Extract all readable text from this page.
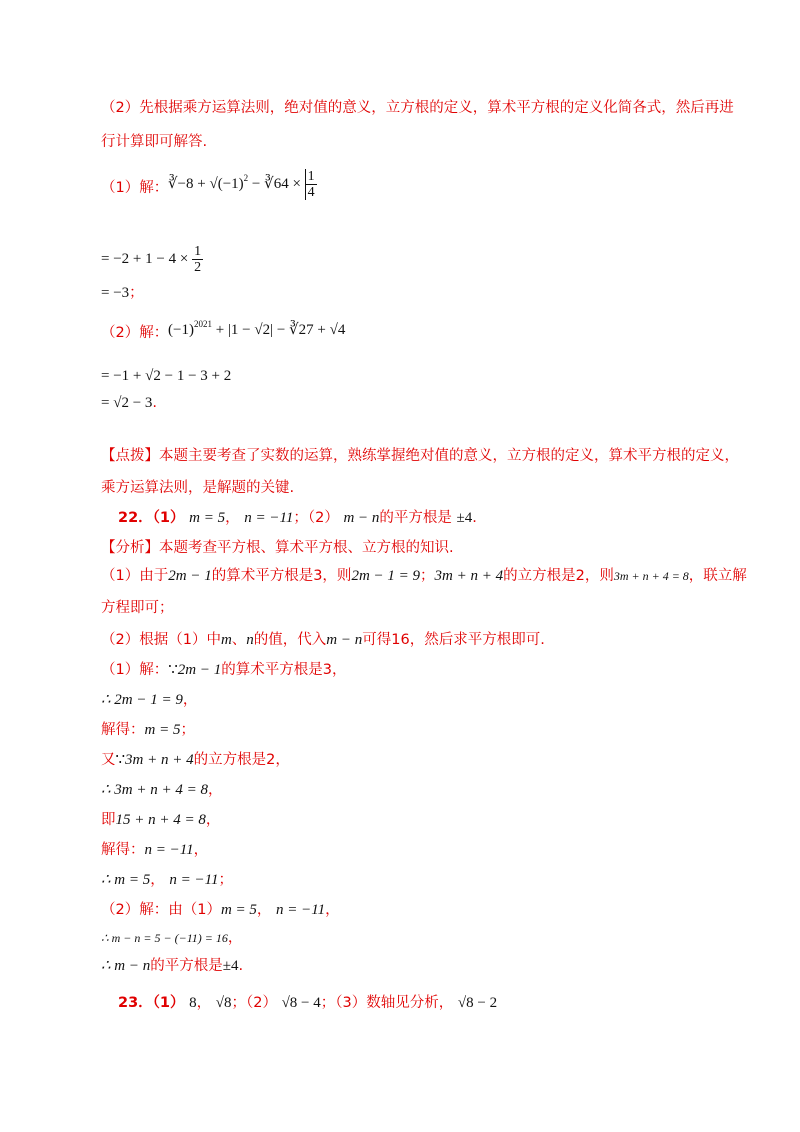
（2）先根据乘方运算法则，绝对值的意义，立方根的定义，算术平方根的定义化简各式，然后再进
行计算即可解答.
（1）解： ∛−8 + $√(-1)^2$ − ∛64 × $\frac{1}{4}$
= $-2 + 1 - 4 \times \frac{1}{2}$
= −3；
（2）解： $(-1)^{2021} + |1 - √2|$ − ∛27 + √4
= −1 + √2 − 1 − 3 + 2
= √2 − 3.
【点拨】本题主要考查了实数的运算，熟练掌握绝对值的意义，立方根的定义，算术平方根的定义，
乘方运算法则，是解题的关键.
22．（1） m = 5， n = −11；（2） m − n的平方根是 ±4.
【分析】本题考查平方根、算术平方根、立方根的知识.
（1）由于2m − 1的算术平方根是3，则2m − 1 = 9；3m + n + 4的立方根是2，则3m + n + 4 = 8，联立解
方程即可；
（2）根据（1）中m、n的值，代入m − n可得16，然后求平方根即可.
（1）解：∵2m − 1的算术平方根是3，
∴ 2m − 1 = 9，
解得：m = 5；
又∵3m + n + 4的立方根是2，
∴ 3m + n + 4 = 8，
即15 + n + 4 = 8，
解得：n = −11，
∴ m = 5， n = −11；
（2）解：由（1）m = 5， n = −11，
∴ m − n = 5 − (−11) = 16，
∴ m − n的平方根是±4.
23．（1） 8， √8；（2） √8 − 4；（3）数轴见分析， √8 − 2
